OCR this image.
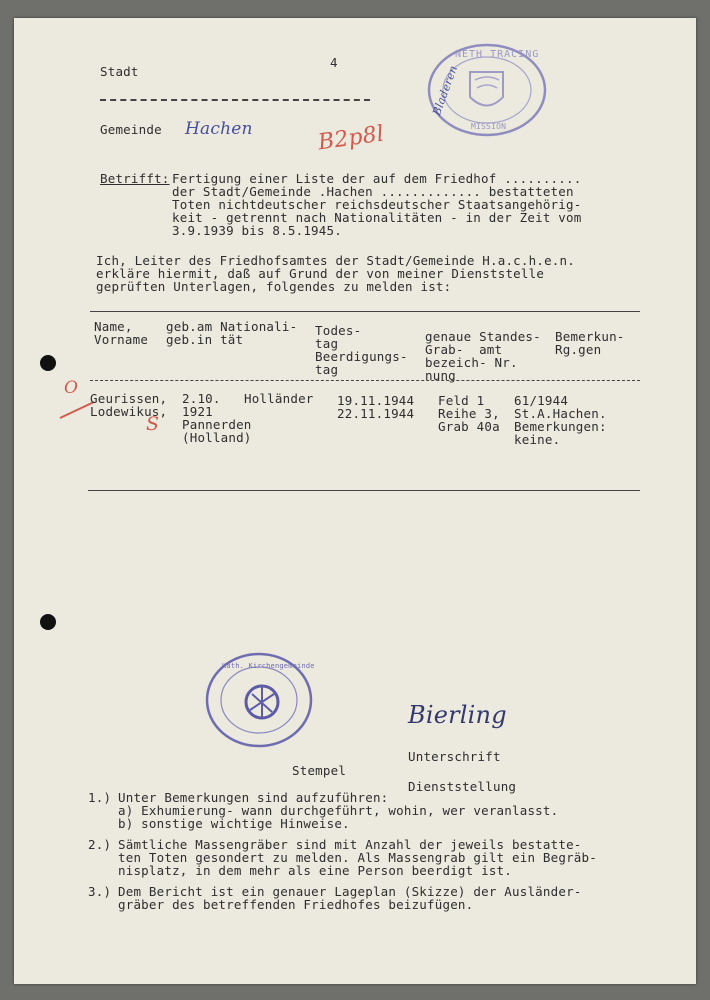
4
Stadt
Gemeinde Hachen	B2p8l
NETH TRACING
MISSION
Bladeren
Betrifft: Fertigung einer Liste der auf dem Friedhof ..........
der Stadt/Gemeinde .Hachen ............. bestatteten
Toten nichtdeutscher reichsdeutscher Staatsangehörig-
keit - getrennt nach Nationalitäten - in der Zeit vom
3.9.1939 bis 8.5.1945.
Ich, Leiter des Friedhofsamtes der Stadt/Gemeinde H.a.c.h.e.n.
erkläre hiermit, daß auf Grund der von meiner Dienststelle
geprüften Unterlagen, folgendes zu melden ist:
Name,
Vorname
geb.am Nationali-
geb.in tät
Todes-
tag
Beerdigungs-
tag
genaue Standes-
Grab-  amt
bezeich- Nr.
nung
Bemerkun-
Rg.gen
O
S
Geurissen,
Lodewikus,
2.10.
1921
Pannerden
(Holland)
Holländer 19.11.1944
22.11.1944
Feld 1
Reihe 3,
Grab 40a
61/1944
St.A.Hachen.
Bemerkungen:
keine.
Kath. Kirchengemeinde
Stempel
Bierling
Unterschrift
Dienststellung
1.) Unter Bemerkungen sind aufzuführen:
a) Exhumierung- wann durchgeführt, wohin, wer veranlasst.
b) sonstige wichtige Hinweise.
2.) Sämtliche Massengräber sind mit Anzahl der jeweils bestatte-
ten Toten gesondert zu melden. Als Massengrab gilt ein Begräb-
nisplatz, in dem mehr als eine Person beerdigt ist.
3.) Dem Bericht ist ein genauer Lageplan (Skizze) der Ausländer-
gräber des betreffenden Friedhofes beizufügen.
